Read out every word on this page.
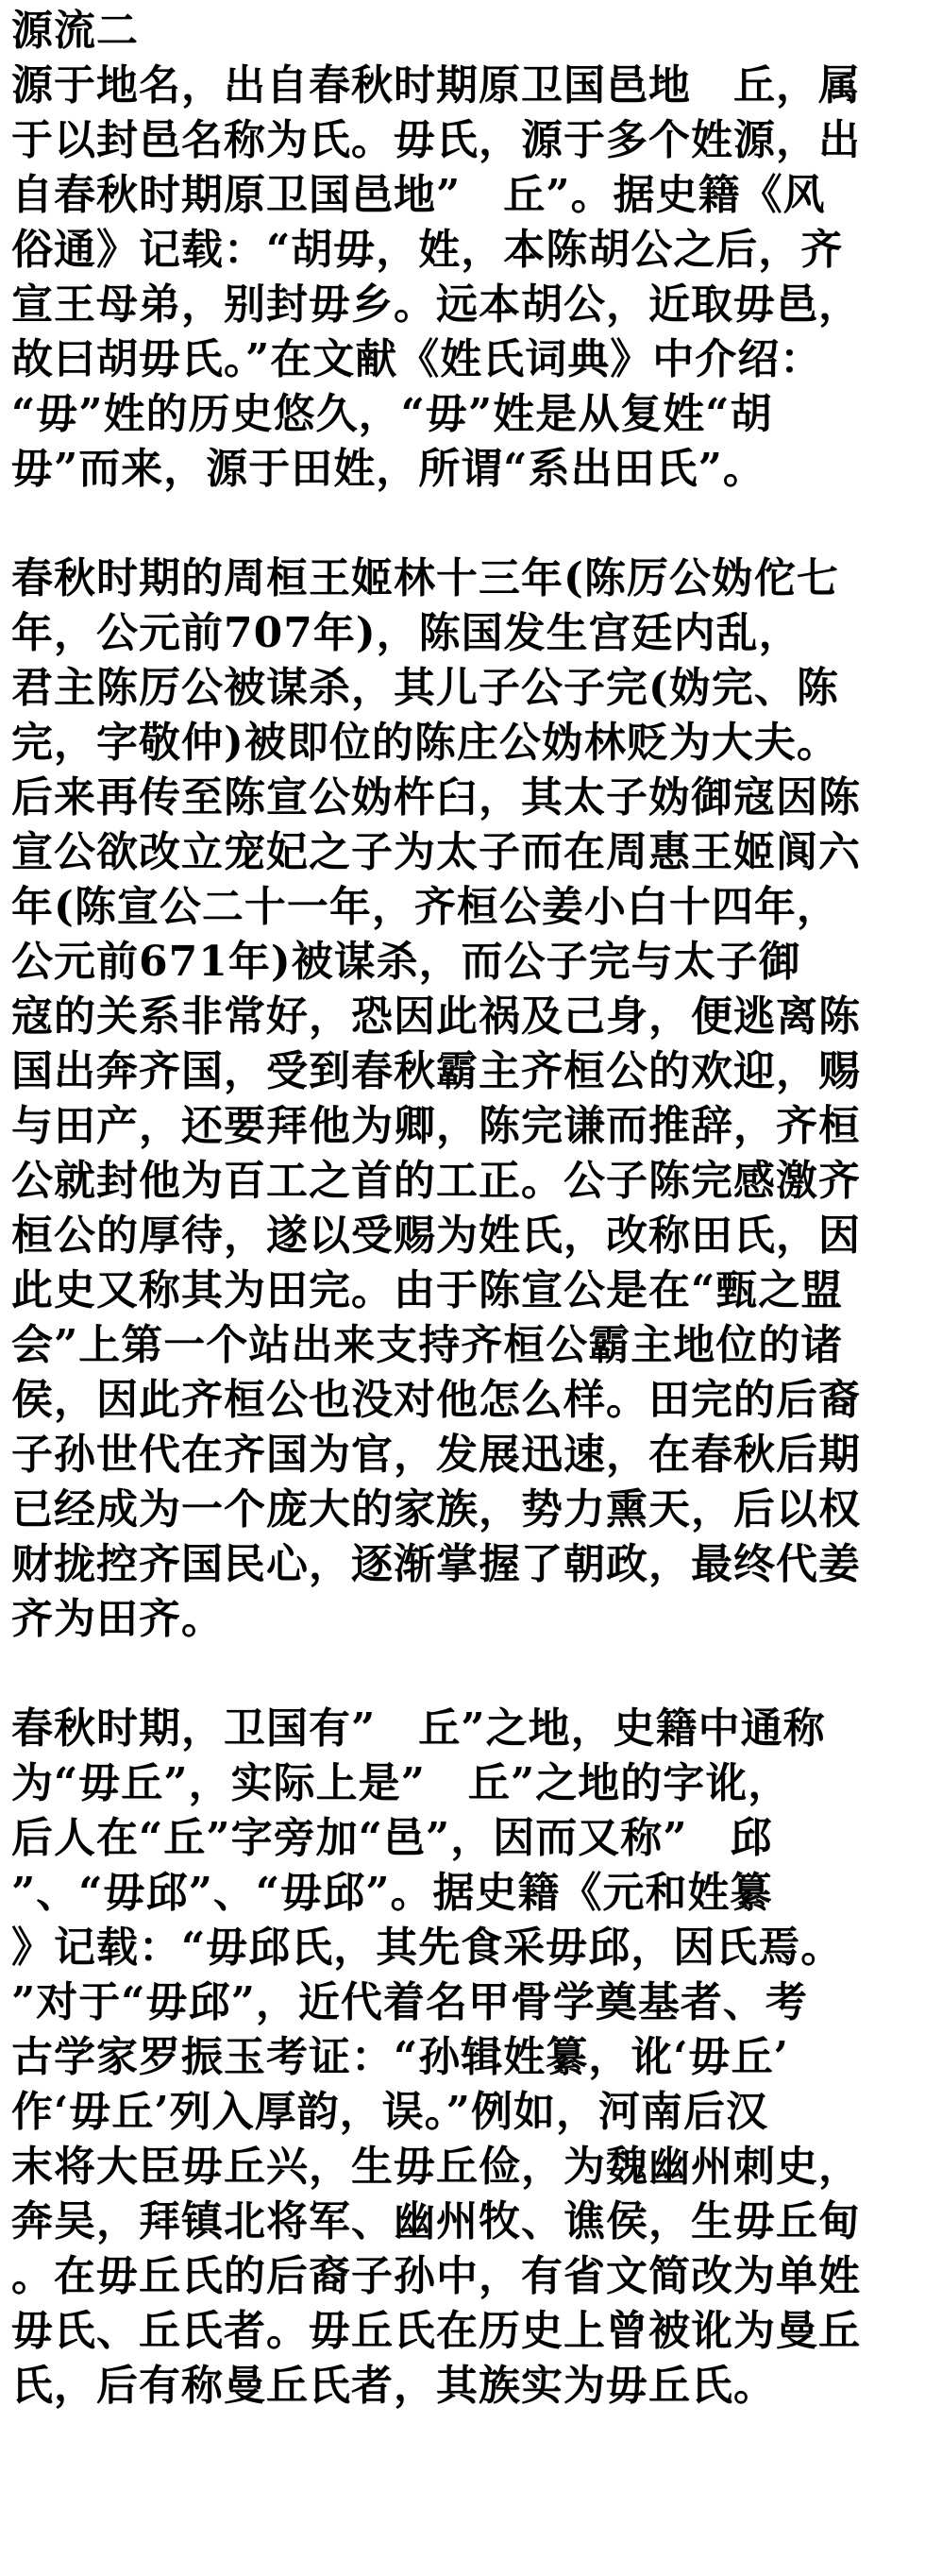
源流二
源于地名，出自春秋时期原卫国邑地　丘，属
于以封邑名称为氏。毋氏，源于多个姓源，出
自春秋时期原卫国邑地”　丘”。据史籍《风
俗通》记载：“胡毋，姓，本陈胡公之后，齐
宣王母弟，别封毋乡。远本胡公，近取毋邑，
故曰胡毋氏。”在文献《姓氏词典》中介绍：
“毋”姓的历史悠久，“毋”姓是从复姓“胡
毋”而来，源于田姓，所谓“系出田氏”。
春秋时期的周桓王姬林十三年(陈厉公妫佗七
年，公元前707年)，陈国发生宫廷内乱，
君主陈厉公被谋杀，其儿子公子完(妫完、陈
完，字敬仲)被即位的陈庄公妫林贬为大夫。
后来再传至陈宣公妫杵臼，其太子妫御寇因陈
宣公欲改立宠妃之子为太子而在周惠王姬阆六
年(陈宣公二十一年，齐桓公姜小白十四年，
公元前671年)被谋杀，而公子完与太子御
寇的关系非常好，恐因此祸及己身，便逃离陈
国出奔齐国，受到春秋霸主齐桓公的欢迎，赐
与田产，还要拜他为卿，陈完谦而推辞，齐桓
公就封他为百工之首的工正。公子陈完感激齐
桓公的厚待，遂以受赐为姓氏，改称田氏，因
此史又称其为田完。由于陈宣公是在“甄之盟
会”上第一个站出来支持齐桓公霸主地位的诸
侯，因此齐桓公也没对他怎么样。田完的后裔
子孙世代在齐国为官，发展迅速，在春秋后期
已经成为一个庞大的家族，势力熏天，后以权
财拢控齐国民心，逐渐掌握了朝政，最终代姜
齐为田齐。
春秋时期，卫国有”　丘”之地，史籍中通称
为“毋丘”，实际上是”　丘”之地的字讹，
后人在“丘”字旁加“邑”，因而又称”　邱
”、“毋邱”、“毋邱”。据史籍《元和姓纂
》记载：“毋邱氏，其先食采毋邱，因氏焉。
”对于“毋邱”，近代着名甲骨学奠基者、考
古学家罗振玉考证：“孙辑姓纂，讹‘毋丘’
作‘毋丘’列入厚韵，误。”例如，河南后汉
末将大臣毋丘兴，生毋丘俭，为魏幽州刺史，
奔吴，拜镇北将军、幽州牧、谯侯，生毋丘甸
。在毋丘氏的后裔子孙中，有省文简改为单姓
毋氏、丘氏者。毋丘氏在历史上曾被讹为曼丘
氏，后有称曼丘氏者，其族实为毋丘氏。
